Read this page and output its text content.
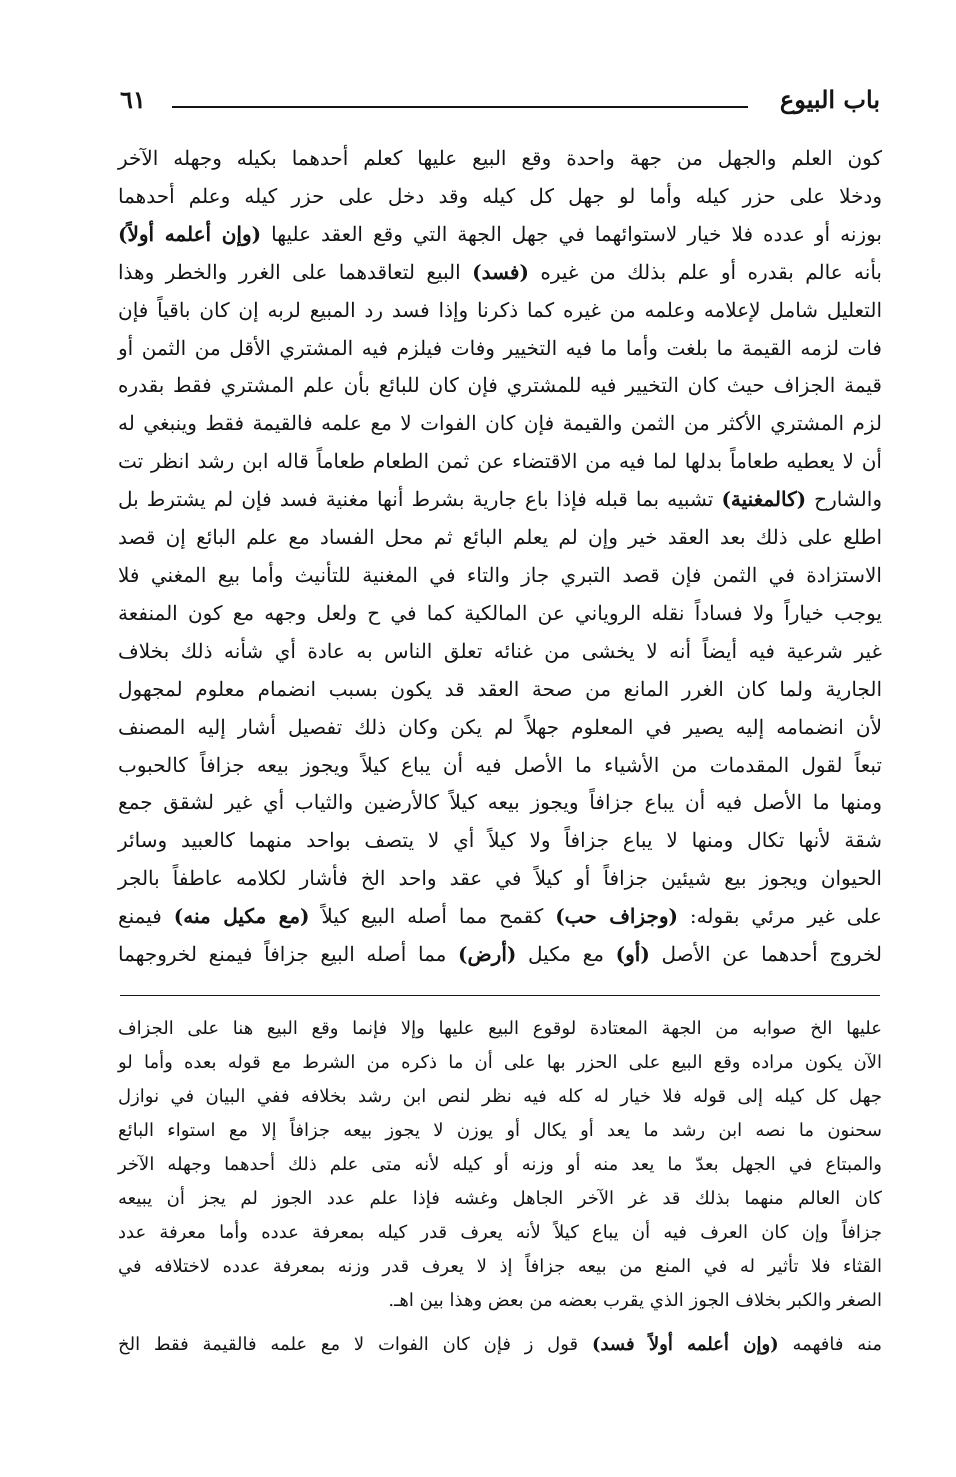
باب البيوع
٦١
كون العلم والجهل من جهة واحدة وقع البيع عليها كعلم أحدهما بكيله وجهله الآخر
ودخلا على حزر كيله وأما لو جهل كل كيله وقد دخل على حزر كيله وعلم أحدهما
بوزنه أو عدده فلا خيار لاستوائهما في جهل الجهة التي وقع العقد عليها (وإن أعلمه أولاً)
بأنه عالم بقدره أو علم بذلك من غيره (فسد) البيع لتعاقدهما على الغرر والخطر وهذا
التعليل شامل لإعلامه وعلمه من غيره كما ذكرنا وإذا فسد رد المبيع لربه إن كان باقياً فإن
فات لزمه القيمة ما بلغت وأما ما فيه التخيير وفات فيلزم فيه المشتري الأقل من الثمن أو
قيمة الجزاف حيث كان التخيير فيه للمشتري فإن كان للبائع بأن علم المشتري فقط بقدره
لزم المشتري الأكثر من الثمن والقيمة فإن كان الفوات لا مع علمه فالقيمة فقط وينبغي له
أن لا يعطيه طعاماً بدلها لما فيه من الاقتضاء عن ثمن الطعام طعاماً قاله ابن رشد انظر تت
والشارح (كالمغنية) تشبيه بما قبله فإذا باع جارية بشرط أنها مغنية فسد فإن لم يشترط بل
اطلع على ذلك بعد العقد خير وإن لم يعلم البائع ثم محل الفساد مع علم البائع إن قصد
الاستزادة في الثمن فإن قصد التبري جاز والتاء في المغنية للتأنيث وأما بيع المغني فلا
يوجب خياراً ولا فساداً نقله الروياني عن المالكية كما في ح ولعل وجهه مع كون المنفعة
غير شرعية فيه أيضاً أنه لا يخشى من غنائه تعلق الناس به عادة أي شأنه ذلك بخلاف
الجارية ولما كان الغرر المانع من صحة العقد قد يكون بسبب انضمام معلوم لمجهول
لأن انضمامه إليه يصير في المعلوم جهلاً لم يكن وكان ذلك تفصيل أشار إليه المصنف
تبعاً لقول المقدمات من الأشياء ما الأصل فيه أن يباع كيلاً ويجوز بيعه جزافاً كالحبوب
ومنها ما الأصل فيه أن يباع جزافاً ويجوز بيعه كيلاً كالأرضين والثياب أي غير لشقق جمع
شقة لأنها تكال ومنها لا يباع جزافاً ولا كيلاً أي لا يتصف بواحد منهما كالعبيد وسائر
الحيوان ويجوز بيع شيئين جزافاً أو كيلاً في عقد واحد الخ فأشار لكلامه عاطفاً بالجر
على غير مرئي بقوله: (وجزاف حب) كقمح مما أصله البيع كيلاً (مع مكيل منه) فيمنع
لخروج أحدهما عن الأصل (أو) مع مكيل (أرض) مما أصله البيع جزافاً فيمنع لخروجهما
عليها الخ صوابه من الجهة المعتادة لوقوع البيع عليها وإلا فإنما وقع البيع هنا على الجزاف
الآن يكون مراده وقع البيع على الحزر بها على أن ما ذكره من الشرط مع قوله بعده وأما لو
جهل كل كيله إلى قوله فلا خيار له كله فيه نظر لنص ابن رشد بخلافه ففي البيان في نوازل
سحنون ما نصه ابن رشد ما يعد أو يكال أو يوزن لا يجوز بيعه جزافاً إلا مع استواء البائع
والمبتاع في الجهل بعدّ ما يعد منه أو وزنه أو كيله لأنه متى علم ذلك أحدهما وجهله الآخر
كان العالم منهما بذلك قد غر الآخر الجاهل وغشه فإذا علم عدد الجوز لم يجز أن يبيعه
جزافاً وإن كان العرف فيه أن يباع كيلاً لأنه يعرف قدر كيله بمعرفة عدده وأما معرفة عدد
القثاء فلا تأثير له في المنع من بيعه جزافاً إذ لا يعرف قدر وزنه بمعرفة عدده لاختلافه في
الصغر والكبر بخلاف الجوز الذي يقرب بعضه من بعض وهذا بين اهـ.
منه فافهمه (وإن أعلمه أولاً فسد) قول ز فإن كان الفوات لا مع علمه فالقيمة فقط الخ
